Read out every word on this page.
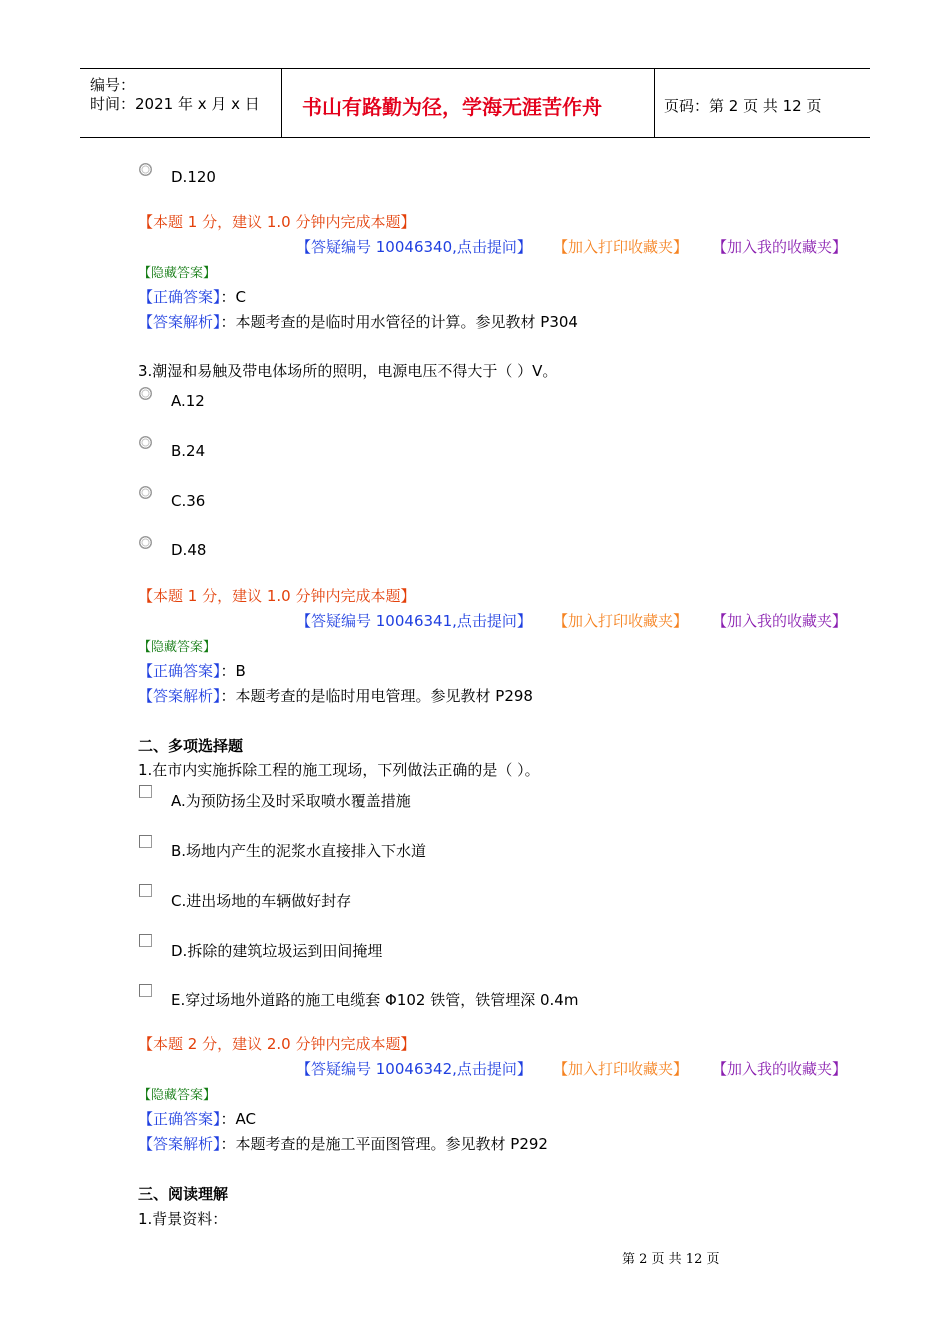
编号：
时间：2021 年 x 月 x 日 书山有路勤为径，学海无涯苦作舟	页码：第 2 页 共 12 页
D.120
【本题 1 分，建议 1.0 分钟内完成本题】
【答疑编号 10046340,点击提问】 【加入打印收藏夹】 【加入我的收藏夹】
【隐藏答案】
【正确答案】：C
【答案解析】：本题考查的是临时用水管径的计算。参见教材 P304
3.潮湿和易触及带电体场所的照明，电源电压不得大于（ ）V。
A.12
B.24
C.36
D.48
【本题 1 分，建议 1.0 分钟内完成本题】
【答疑编号 10046341,点击提问】 【加入打印收藏夹】 【加入我的收藏夹】
【隐藏答案】
【正确答案】：B
【答案解析】：本题考查的是临时用电管理。参见教材 P298
二、多项选择题
1.在市内实施拆除工程的施工现场，下列做法正确的是（ ）。
A.为预防扬尘及时采取喷水覆盖措施
B.场地内产生的泥浆水直接排入下水道
C.进出场地的车辆做好封存
D.拆除的建筑垃圾运到田间掩埋
E.穿过场地外道路的施工电缆套 Φ102 铁管，铁管埋深 0.4m
【本题 2 分，建议 2.0 分钟内完成本题】
【答疑编号 10046342,点击提问】 【加入打印收藏夹】 【加入我的收藏夹】
【隐藏答案】
【正确答案】：AC
【答案解析】：本题考查的是施工平面图管理。参见教材 P292
三、阅读理解
1.背景资料：
第 2 页 共 12 页
